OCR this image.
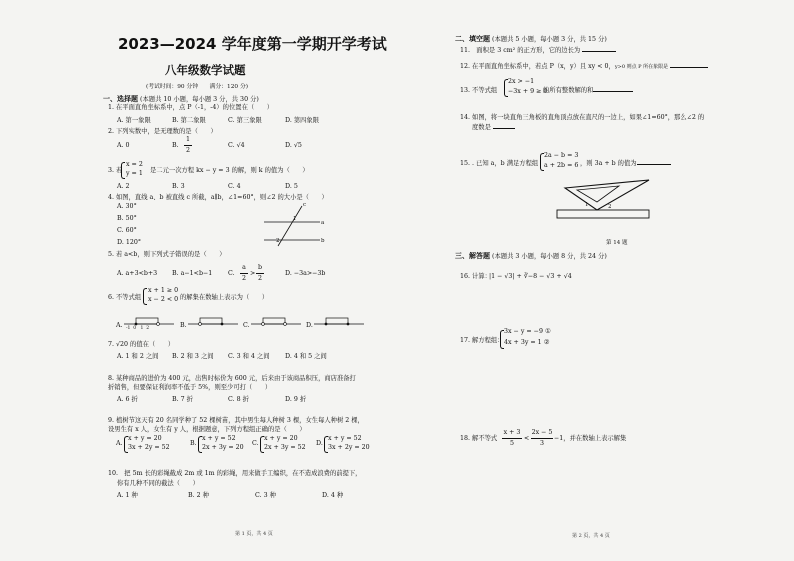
2023—2024 学年度第一学期开学考试
八年级数学试题
(考试时间：90 分钟　　满分：120 分)
一、选择题 (本题共 10 小题，每小题 3 分，共 30 分)
1. 在平面直角坐标系中，点 P（-1，-4）的位置在（　　）
A. 第一象限	B. 第二象限	C. 第三象限	D. 第四象限
2. 下列实数中，是无理数的是（　　）
A. 0	B.
1
2
C. √4	D. √5
3. 若
x = 2
y = 1 是二元一次方程 kx − y = 3 的解，则 k 的值为（　　）
A. 2	B. 3	C. 4	D. 5
4. 如图，直线 a、b 被直线 c 所截，a∥b，∠1=60°，则∠2 的大小是（　　）
A. 30°
B. 50°
C. 60°
D. 120°
c
a
b
1
2
5. 若 a<b，则下列式子错误的是（　　）
A. a+3<b+3 B. a−1<b−1 C.
a
2
>
b
2
D. −3a>−3b
6. 不等式组
x + 1 ≥ 0
x − 2 < 0 的解集在数轴上表示为（　　）
A.	B.	C.	D.
-1 0 1 2
7. √20 的值在（　　）
A. 1 和 2 之间 B. 2 和 3 之间 C. 3 和 4 之间 D. 4 和 5 之间
8. 某种商品的进价为 400 元，出售时标价为 600 元，后来由于该商品积压，商店准备打
折销售，但要保证利润率不低于 5%，则至少可打（　　）
A. 6 折	B. 7 折	C. 8 折	D. 9 折
9. 植树节这天有 20 名同学种了 52 棵树苗，其中男生每人种树 3 棵，女生每人种树 2 棵，
设男生有 x 人，女生有 y 人，根据题意，下列方程组正确的是（　　）
A.
x + y = 20
3x + 2y = 52
B.
x + y = 52
2x + 3y = 20
C.
x + y = 20
2x + 3y = 52
D.
x + y = 52
3x + 2y = 20
10.　把 5m 长的彩绳截成 2m 或 1m 的彩绳，用来做手工编织，在不造成浪费的前提下，
你有几种不同的截法（　　）
A. 1 种	B. 2 种	C. 3 种	D. 4 种
第 1 页，共 4 页
二、填空题 (本题共 5 小题，每小题 3 分，共 15 分)
11.　面积是 3 cm² 的正方形，它的边长为
12. 在平面直角坐标系中，若点 P（x，y）且 xy < 0，y>0 则点 P 所在象限是
13. 不等式组
2x > −1
−3x + 9 ≥ 0
的所有整数解的和
14. 如图，将一块直角三角板的直角顶点放在直尺的一边上，如果∠1=60°，那么∠2 的
度数是
15. . 已知 a，b 满足方程组
2a − b = 3
a + 2b = 6 ，则 3a + b 的值为
1	2
第 14 题
三、解答题 (本题共 3 小题，每小题 8 分，共 24 分)
16. 计算：
|1 − √3| + ∛−8 − √3 + √4
17. 解方程组：
3x − y = −9 ①
4x + 3y = 1 ②
18. 解不等式
x + 3
5
<
2x − 5
3
−1，并在数轴上表示解集
第 2 页，共 4 页
